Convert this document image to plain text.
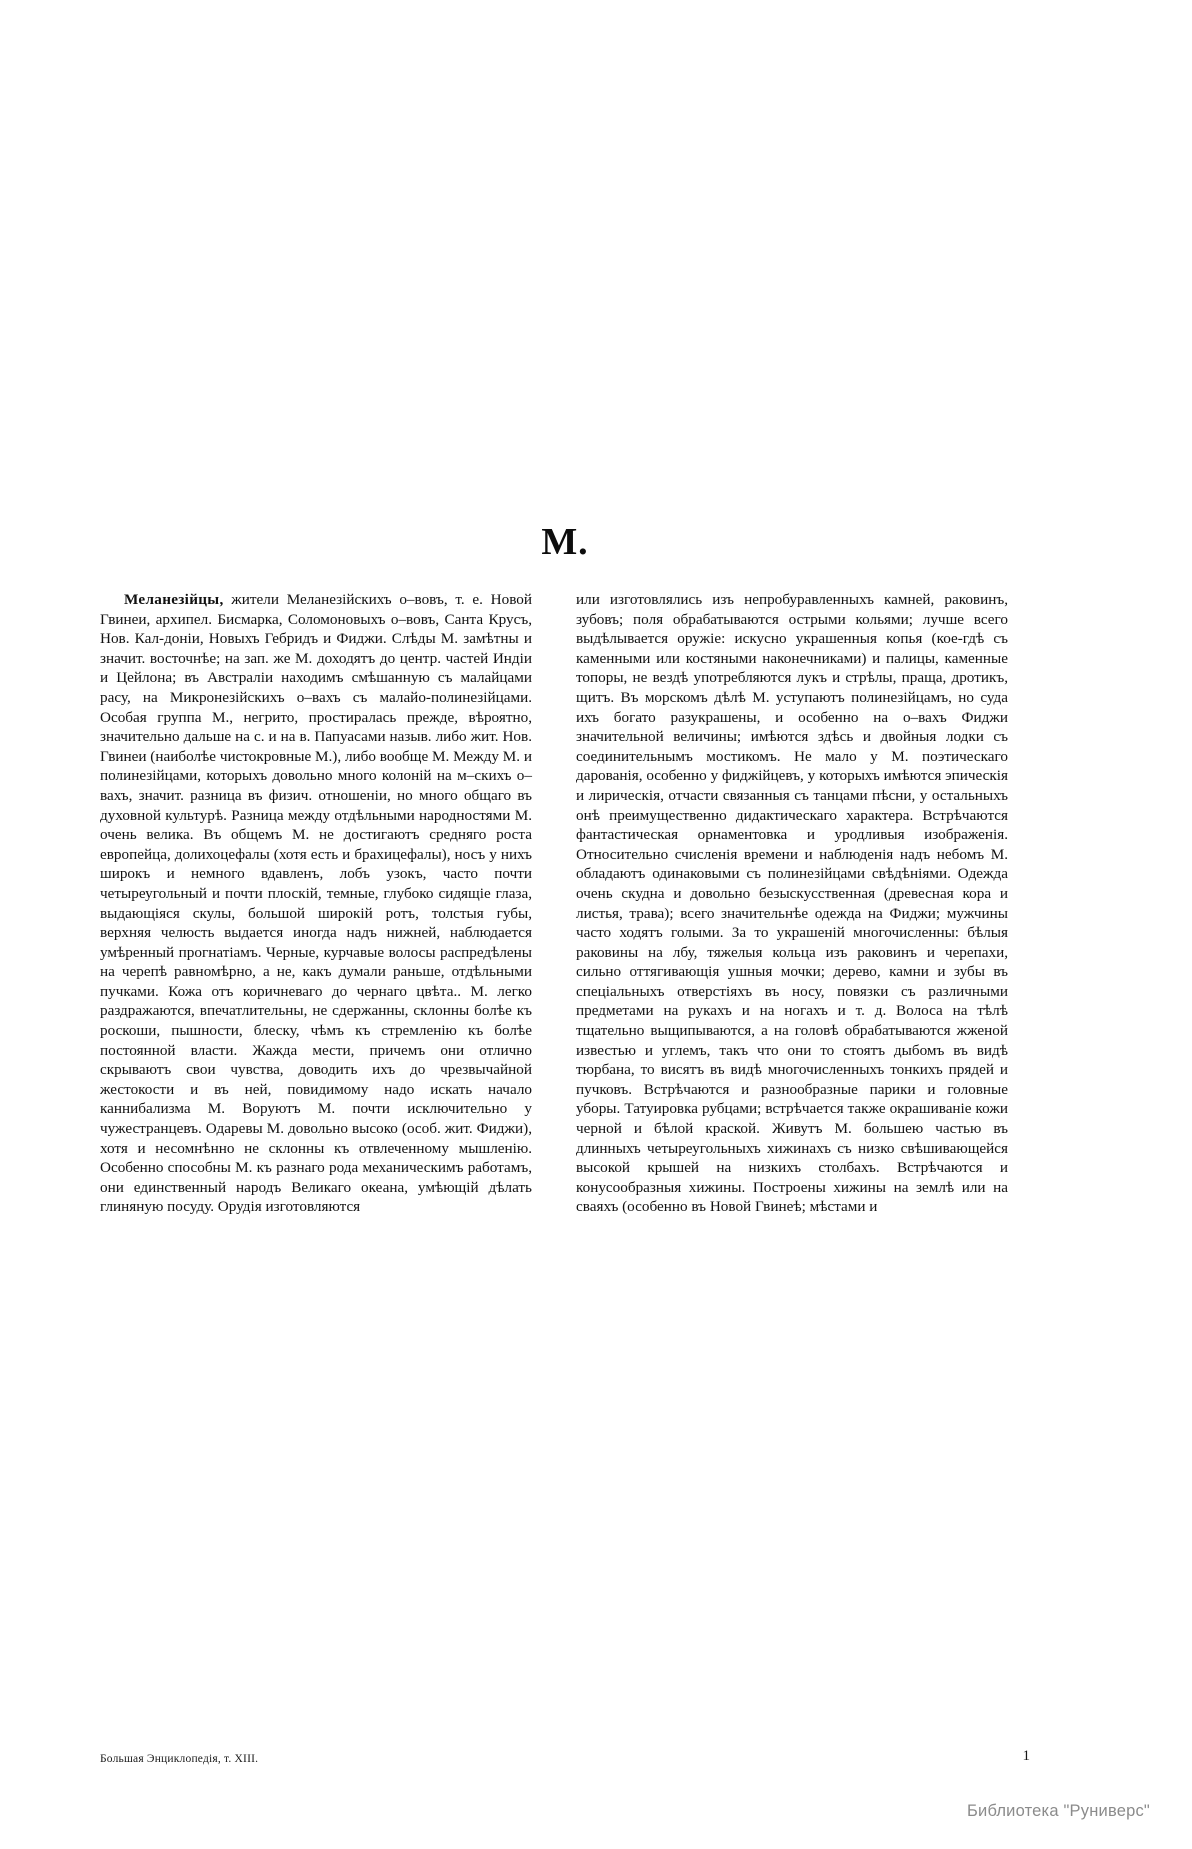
М.

Меланезійцы, жители Меланезійскихъ о–вовъ, т. е. Новой Гвинеи, архипел. Бисмарка, Соломоновыхъ о–вовъ, Санта Крусъ, Нов. Кал-доніи, Новыхъ Гебридъ и Фиджи. Слѣды М. замѣтны и значит. восточнѣе; на зап. же М. доходятъ до центр. частей Индіи и Цейлона; въ Австраліи находимъ смѣшанную съ малайцами расу, на Микронезійскихъ о–вахъ съ малайо-полинезійцами. Особая группа М., негрито, простиралась прежде, вѣроятно, значительно дальше на с. и на в. Папуасами назыв. либо жит. Нов. Гвинеи (наиболѣе чистокровные М.), либо вообще М. Между М. и полинезійцами, которыхъ довольно много колоній на м–скихъ о–вахъ, значит. разница въ физич. отношеніи, но много общаго въ духовной культурѣ. Разница между отдѣльными народностями М. очень велика. Въ общемъ М. не достигаютъ средняго роста европейца, долихоцефалы (хотя есть и брахицефалы), носъ у нихъ широкъ и немного вдавленъ, лобъ узокъ, часто почти четыреугольный и почти плоскій, темные, глубоко сидящіе глаза, выдающіяся скулы, большой широкій ротъ, толстыя губы, верхняя челюсть выдается иногда надъ нижней, наблюдается умѣренный прогнатіамъ. Черные, курчавые волосы распредѣлены на черепѣ равномѣрно, а не, какъ думали раньше, отдѣльными пучками. Кожа отъ коричневаго до чернаго цвѣта.. М. легко раздражаются, впечатлительны, не сдержанны, склонны болѣе къ роскоши, пышности, блеску, чѣмъ къ стремленію къ болѣе постоянной власти. Жажда мести, причемъ они отлично скрываютъ свои чувства, доводить ихъ до чрезвычайной жестокости и въ ней, повидимому надо искать начало каннибализма М. Воруютъ М. почти исключительно у чужестранцевъ. Одаревы М. довольно высоко (особ. жит. Фиджи), хотя и несомнѣнно не склонны къ отвлеченному мышленію. Особенно способны М. къ разнаго рода механическимъ работамъ, они единственный народъ Великаго океана, умѣющій дѣлать глиняную посуду. Орудія изготовляются

или изготовлялись изъ непробуравленныхъ камней, раковинъ, зубовъ; поля обрабатываются острыми кольями; лучше всего выдѣлывается оружіе: искусно украшенныя копья (кое-гдѣ съ каменными или костяными наконечниками) и палицы, каменные топоры, не вездѣ употребляются лукъ и стрѣлы, праща, дротикъ, щитъ. Въ морскомъ дѣлѣ М. уступаютъ полинезійцамъ, но суда ихъ богато разукрашены, и особенно на о–вахъ Фиджи значительной величины; имѣются здѣсь и двойныя лодки съ соединительнымъ мостикомъ. Не мало у М. поэтическаго дарованія, особенно у фиджійцевъ, у которыхъ имѣются эпическія и лирическія, отчасти связанныя съ танцами пѣсни, у остальныхъ онѣ преимущественно дидактическаго характера. Встрѣчаются фантастическая орнаментовка и уродливыя изображенія. Относительно счисленія времени и наблюденія надъ небомъ М. обладаютъ одинаковыми съ полинезійцами свѣдѣніями. Одежда очень скудна и довольно безыскусственная (древесная кора и листья, трава); всего значительнѣе одежда на Фиджи; мужчины часто ходятъ голыми. За то украшеній многочисленны: бѣлыя раковины на лбу, тяжелыя кольца изъ раковинъ и черепахи, сильно оттягивающія ушныя мочки; дерево, камни и зубы въ спеціальныхъ отверстіяхъ въ носу, повязки съ различными предметами на рукахъ и на ногахъ и т. д. Волоса на тѣлѣ тщательно выщипываются, а на головѣ обрабатываются жженой известью и углемъ, такъ что они то стоятъ дыбомъ въ видѣ тюрбана, то висятъ въ видѣ многочисленныхъ тонкихъ прядей и пучковъ. Встрѣчаются и разнообразные парики и головные уборы. Татуировка рубцами; встрѣчается также окрашиваніе кожи черной и бѣлой краской. Живутъ М. большею частью въ длинныхъ четыреугольныхъ хижинахъ съ низко свѣшивающейся высокой крышей на низкихъ столбахъ. Встрѣчаются и конусообразныя хижины. Построены хижины на землѣ или на сваяхъ (особенно въ Новой Гвинеѣ; мѣстами и

Большая Энциклопедія, т. XIII.	1
Библиотека "Руниверс"
